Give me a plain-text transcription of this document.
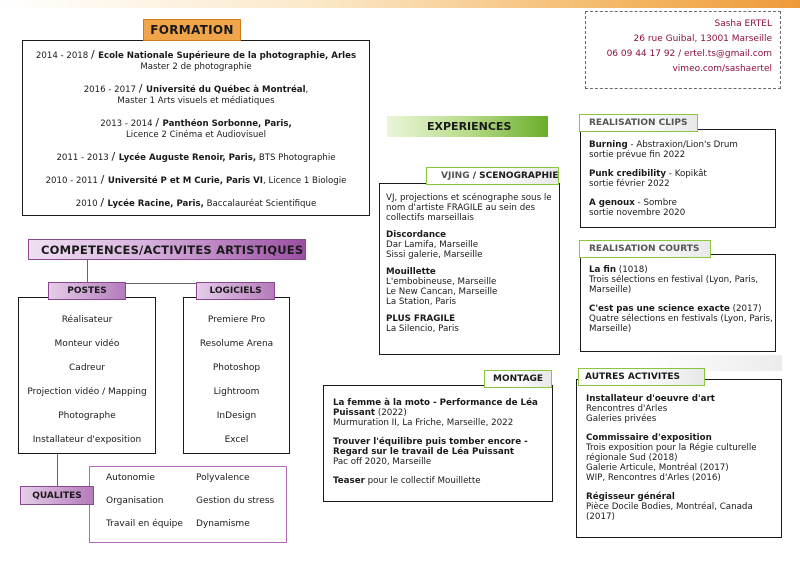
2014 - 2018 / Ecole Nationale Supérieure de la photographie, Arles
Master 2 de photographie
2016 - 2017 / Université du Québec à Montréal,
Master 1 Arts visuels et médiatiques
2013 - 2014 / Panthéon Sorbonne, Paris,
Licence 2 Cinéma et Audiovisuel
2011 - 2013 / Lycée Auguste Renoir, Paris, BTS Photographie
2010 - 2011 / Université P et M Curie, Paris VI, Licence 1 Biologie
2010 / Lycée Racine, Paris, Baccalauréat Scientifique
FORMATION	Sasha ERTEL
26 rue Guibal, 13001 Marseille
06 09 44 17 92 / ertel.ts@gmail.com
vimeo.com/sashaertel
COMPETENCES/ACTIVITES ARTISTIQUES
Réalisateur
Monteur vidéo
Cadreur
Projection vidéo / Mapping
Photographe
Installateur d'exposition
POSTES
Premiere Pro
Resolume Arena
Photoshop
Lightroom
InDesign
Excel
LOGICIELS
Autonomie	Polyvalence
Organisation	Gestion du stress
Travail en équipe	Dynamisme
QUALITES
EXPERIENCES

VJ, projections et scénographe sous le nom d'artiste FRAGILE au sein des collectifs marseillais

Discordance
Dar Lamifa, Marseille
Sissi galerie, Marseille

Mouillette
L'embobineuse, Marseille
Le New Cancan, Marseille
La Station, Paris

PLUS FRAGILE
La Silencio, Paris

VJING / SCENOGRAPHIE

La femme à la moto - Performance de Léa Puissant (2022)
Murmuration II, La Friche, Marseille, 2022

Trouver l'équilibre puis tomber encore - Regard sur le travail de Léa Puissant
Pac off 2020, Marseille

Teaser pour le collectif Mouillette

MONTAGE

Burning - Abstraxion/Lion's Drum
sortie prévue fin 2022

Punk credibility - Kopikât
sortie février 2022

A genoux - Sombre
sortie novembre 2020

REALISATION CLIPS

La fin (1018)
Trois sélections en festival (Lyon, Paris, Marseille)

C'est pas une science exacte (2017)
Quatre sélections en festivals (Lyon, Paris, Marseille)

REALISATION COURTS

Installateur d'oeuvre d'art
Rencontres d'Arles
Galeries privées

Commissaire d'exposition
Trois exposition pour la Régie culturelle régionale Sud (2018)
Galerie Articule, Montréal (2017)
WIP, Rencontres d'Arles (2016)

Régisseur général
Pièce Docile Bodies, Montréal, Canada (2017)

AUTRES ACTIVITES
